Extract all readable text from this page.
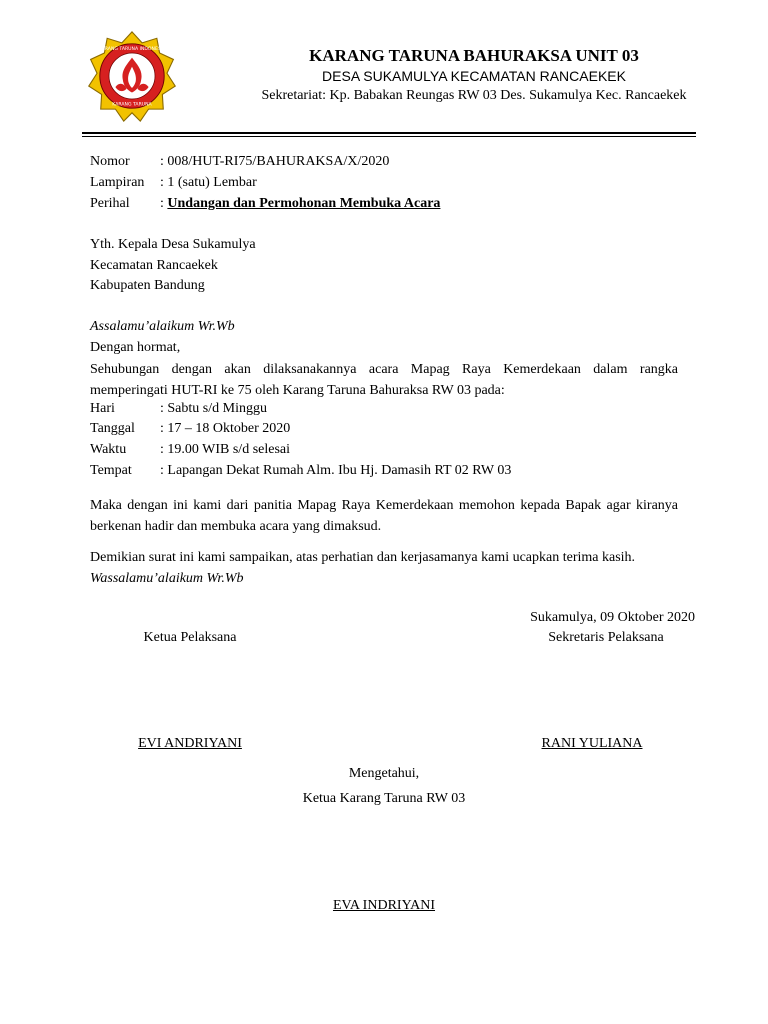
KARANG TARUNA INDONESIA
KARANG TARUNA
KARANG TARUNA BAHURAKSA UNIT 03
DESA SUKAMULYA KECAMATAN RANCAEKEK
Sekretariat: Kp. Babakan Reungas RW 03 Des. Sukamulya Kec. Rancaekek
Nomor : 008/HUT-RI75/BAHURAKSA/X/2020
Lampiran : 1 (satu) Lembar
Perihal : Undangan dan Permohonan Membuka Acara
Yth. Kepala Desa Sukamulya
Kecamatan Rancaekek
Kabupaten Bandung
Assalamu’alaikum Wr.Wb
Dengan hormat,
Sehubungan dengan akan dilaksanakannya acara Mapag Raya Kemerdekaan dalam rangka memperingati HUT-RI ke 75 oleh Karang Taruna Bahuraksa RW 03 pada:
Hari	: Sabtu s/d Minggu
Tanggal : 17 – 18 Oktober 2020
Waktu : 19.00 WIB s/d selesai
Tempat : Lapangan Dekat Rumah Alm. Ibu Hj. Damasih RT 02 RW 03
Maka dengan ini kami dari panitia Mapag Raya Kemerdekaan memohon kepada Bapak agar kiranya berkenan hadir dan membuka acara yang dimaksud.
Demikian surat ini kami sampaikan, atas perhatian dan kerjasamanya kami ucapkan terima kasih.
Wassalamu’alaikum Wr.Wb
Sukamulya, 09 Oktober 2020
Ketua Pelaksana	Sekretaris Pelaksana
EVI ANDRIYANI	RANI YULIANA
Mengetahui,
Ketua Karang Taruna RW 03
EVA INDRIYANI
